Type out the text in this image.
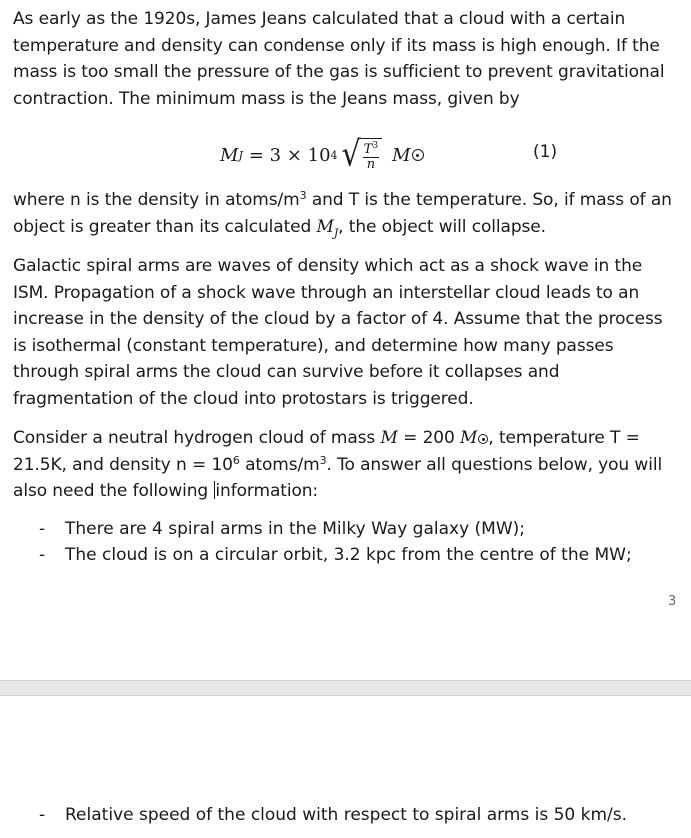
As early as the 1920s, James Jeans calculated that a cloud with a certain temperature and density can condense only if its mass is high enough. If the mass is too small the pressure of the gas is sufficient to prevent gravitational contraction. The minimum mass is the Jeans mass, given by

M J = 3 × 10 4 √ $\frac{T^3}{n}$ M	(1)

where n is the density in atoms/$m^3$ and T is the temperature. So, if mass of an object is greater than its calculated $M_J$, the object will collapse.

Galactic spiral arms are waves of density which act as a shock wave in the ISM. Propagation of a shock wave through an interstellar cloud leads to an increase in the density of the cloud by a factor of 4. Assume that the process is isothermal (constant temperature), and determine how many passes through spiral arms the cloud can survive before it collapses and fragmentation of the cloud into protostars is triggered.

Consider a neutral hydrogen cloud of mass M = 200 M , temperature T = 21.5K, and density $n = 10^6$ atoms/$m^3$. To answer all questions below, you will also need the following information:

-	There are 4 spiral arms in the Milky Way galaxy (MW);
-	The cloud is on a circular orbit, 3.2 kpc from the centre of the MW;
3
-	Relative speed of the cloud with respect to spiral arms is 50 km/s.
